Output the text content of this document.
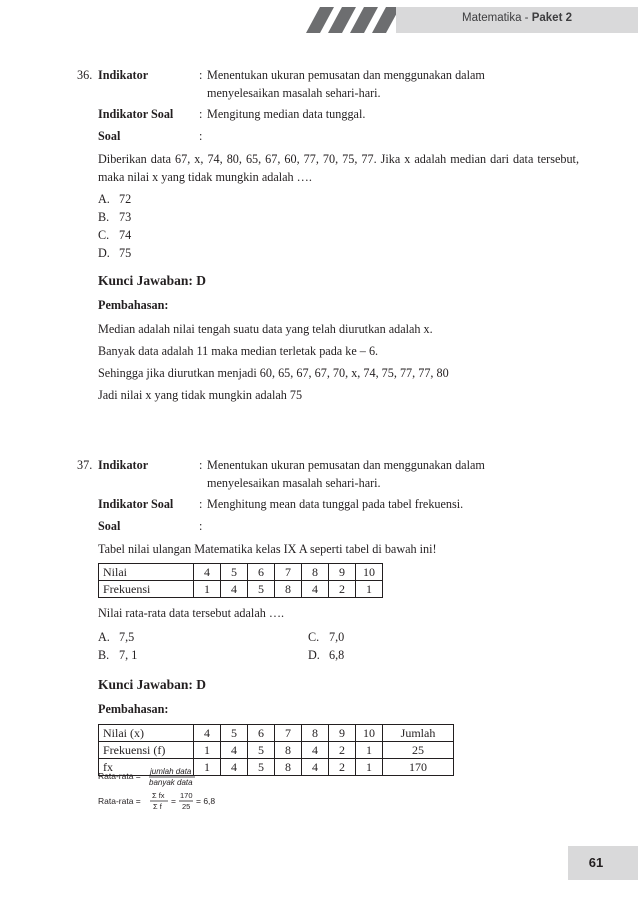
Matematika - Paket 2
36. Indikator	: Menentukan ukuran pemusatan dan menggunakan dalam
menyelesaikan masalah sehari-hari.
Indikator Soal : Mengitung median data tunggal.
Soal	:
Diberikan data 67, x, 74, 80, 65, 67, 60, 77, 70, 75, 77. Jika x adalah median dari data tersebut, maka nilai x yang tidak mungkin adalah ….
A. 72
B. 73
C. 74
D. 75
Kunci Jawaban: D
Pembahasan:
Median adalah nilai tengah suatu data yang telah diurutkan adalah x.
Banyak data adalah 11 maka median terletak pada ke – 6.
Sehingga jika diurutkan menjadi 60, 65, 67, 67, 70, x, 74, 75, 77, 77, 80
Jadi nilai x yang tidak mungkin adalah 75
37. Indikator	: Menentukan ukuran pemusatan dan menggunakan dalam
menyelesaikan masalah sehari-hari.
Indikator Soal : Menghitung mean data tunggal pada tabel frekuensi.
Soal	:
Tabel nilai ulangan Matematika kelas IX A seperti tabel di bawah ini!
Nilai	4	5	6	7	8	9	10
Frekuensi	1	4	5	8	4	2	1
Nilai rata-rata data tersebut adalah ….
A. 7,5
B. 7, 1
C. 7,0
D. 6,8
Kunci Jawaban: D
Pembahasan:
Nilai (x)	4	5	6	7	8	9	10	Jumlah
Frekuensi (f)	1	4	5	8	4	2	1	25
fx	1	4	5	8	4	2	1	170
Rata-rata = jumlah data
banyak data
Rata-rata =
Σ fx
Σ f
=
170
25
= 6,8
61
